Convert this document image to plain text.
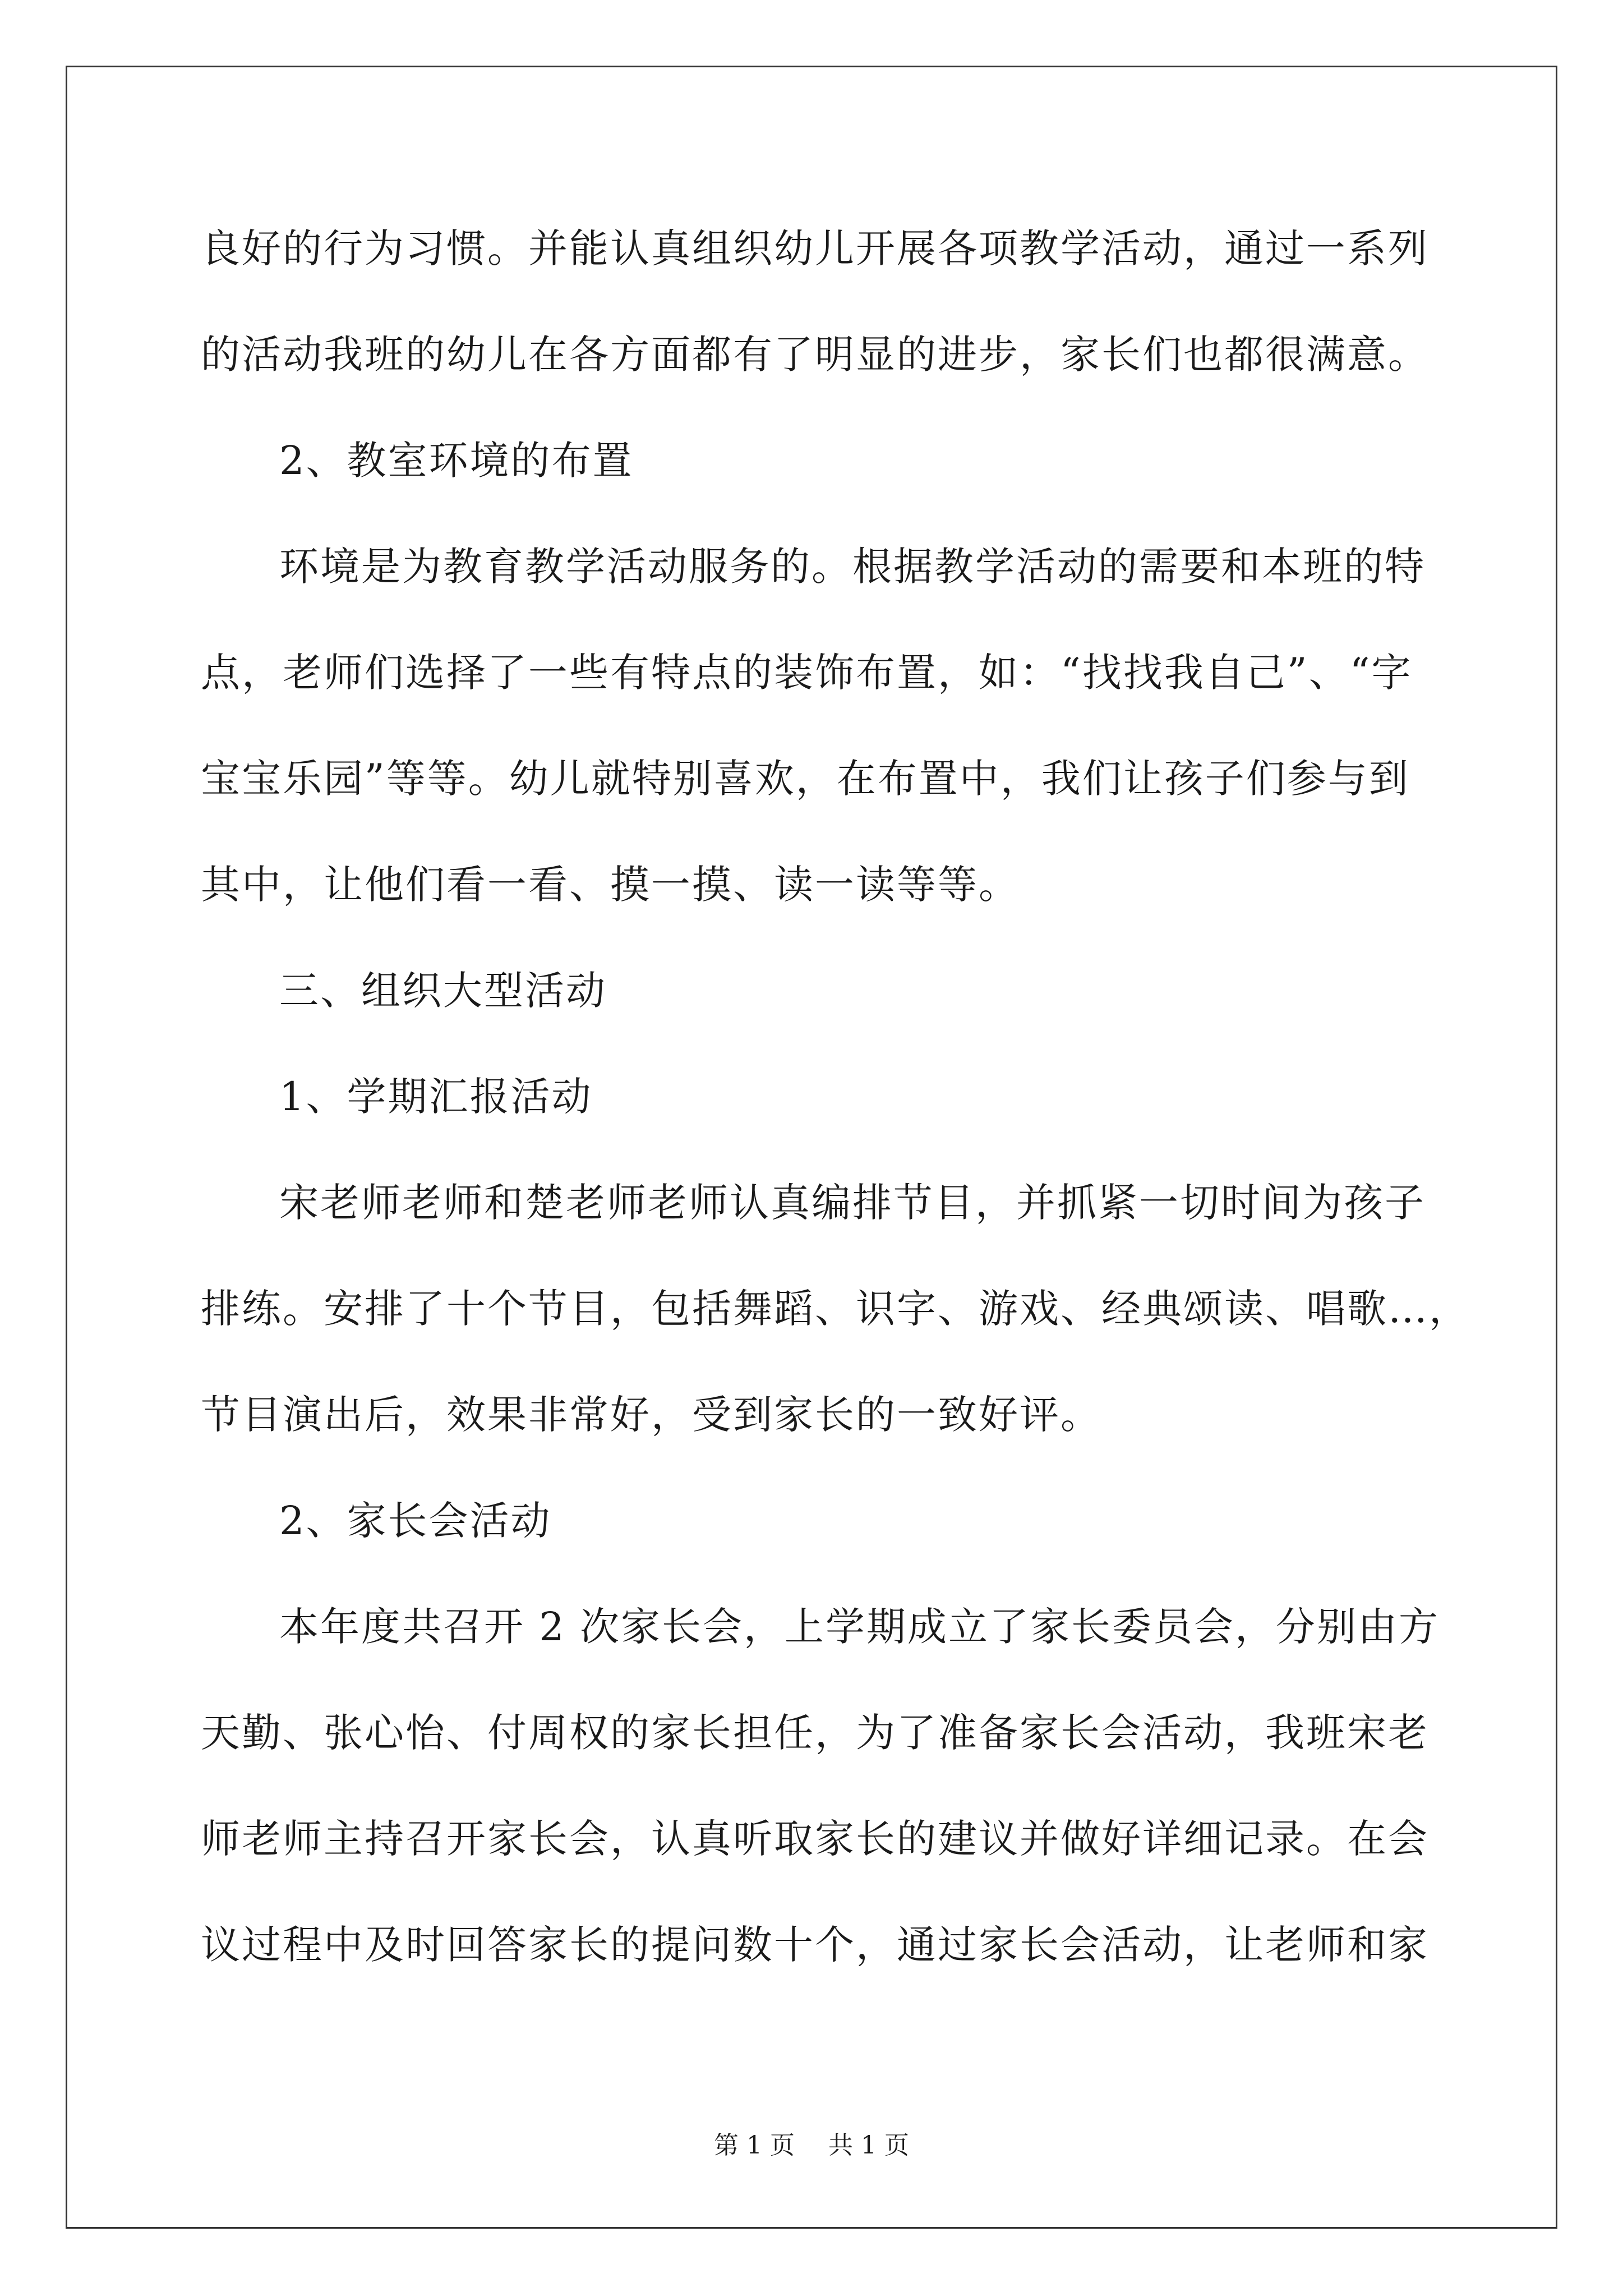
良好的行为习惯。并能认真组织幼儿开展各项教学活动，通过一系列
的活动我班的幼儿在各方面都有了明显的进步，家长们也都很满意。
2、教室环境的布置
环境是为教育教学活动服务的。根据教学活动的需要和本班的特
点，老师们选择了一些有特点的装饰布置，如：“找找我自己”、“字
宝宝乐园”等等。幼儿就特别喜欢，在布置中，我们让孩子们参与到
其中，让他们看一看、摸一摸、读一读等等。
三、组织大型活动
1、学期汇报活动
宋老师老师和楚老师老师认真编排节目，并抓紧一切时间为孩子
排练。安排了十个节目，包括舞蹈、识字、游戏、经典颂读、唱歌…，
节目演出后，效果非常好，受到家长的一致好评。
2、家长会活动
本年度共召开 2 次家长会，上学期成立了家长委员会，分别由方
天勤、张心怡、付周权的家长担任，为了准备家长会活动，我班宋老
师老师主持召开家长会，认真听取家长的建议并做好详细记录。在会
议过程中及时回答家长的提问数十个，通过家长会活动，让老师和家
第 1 页 共 1 页
